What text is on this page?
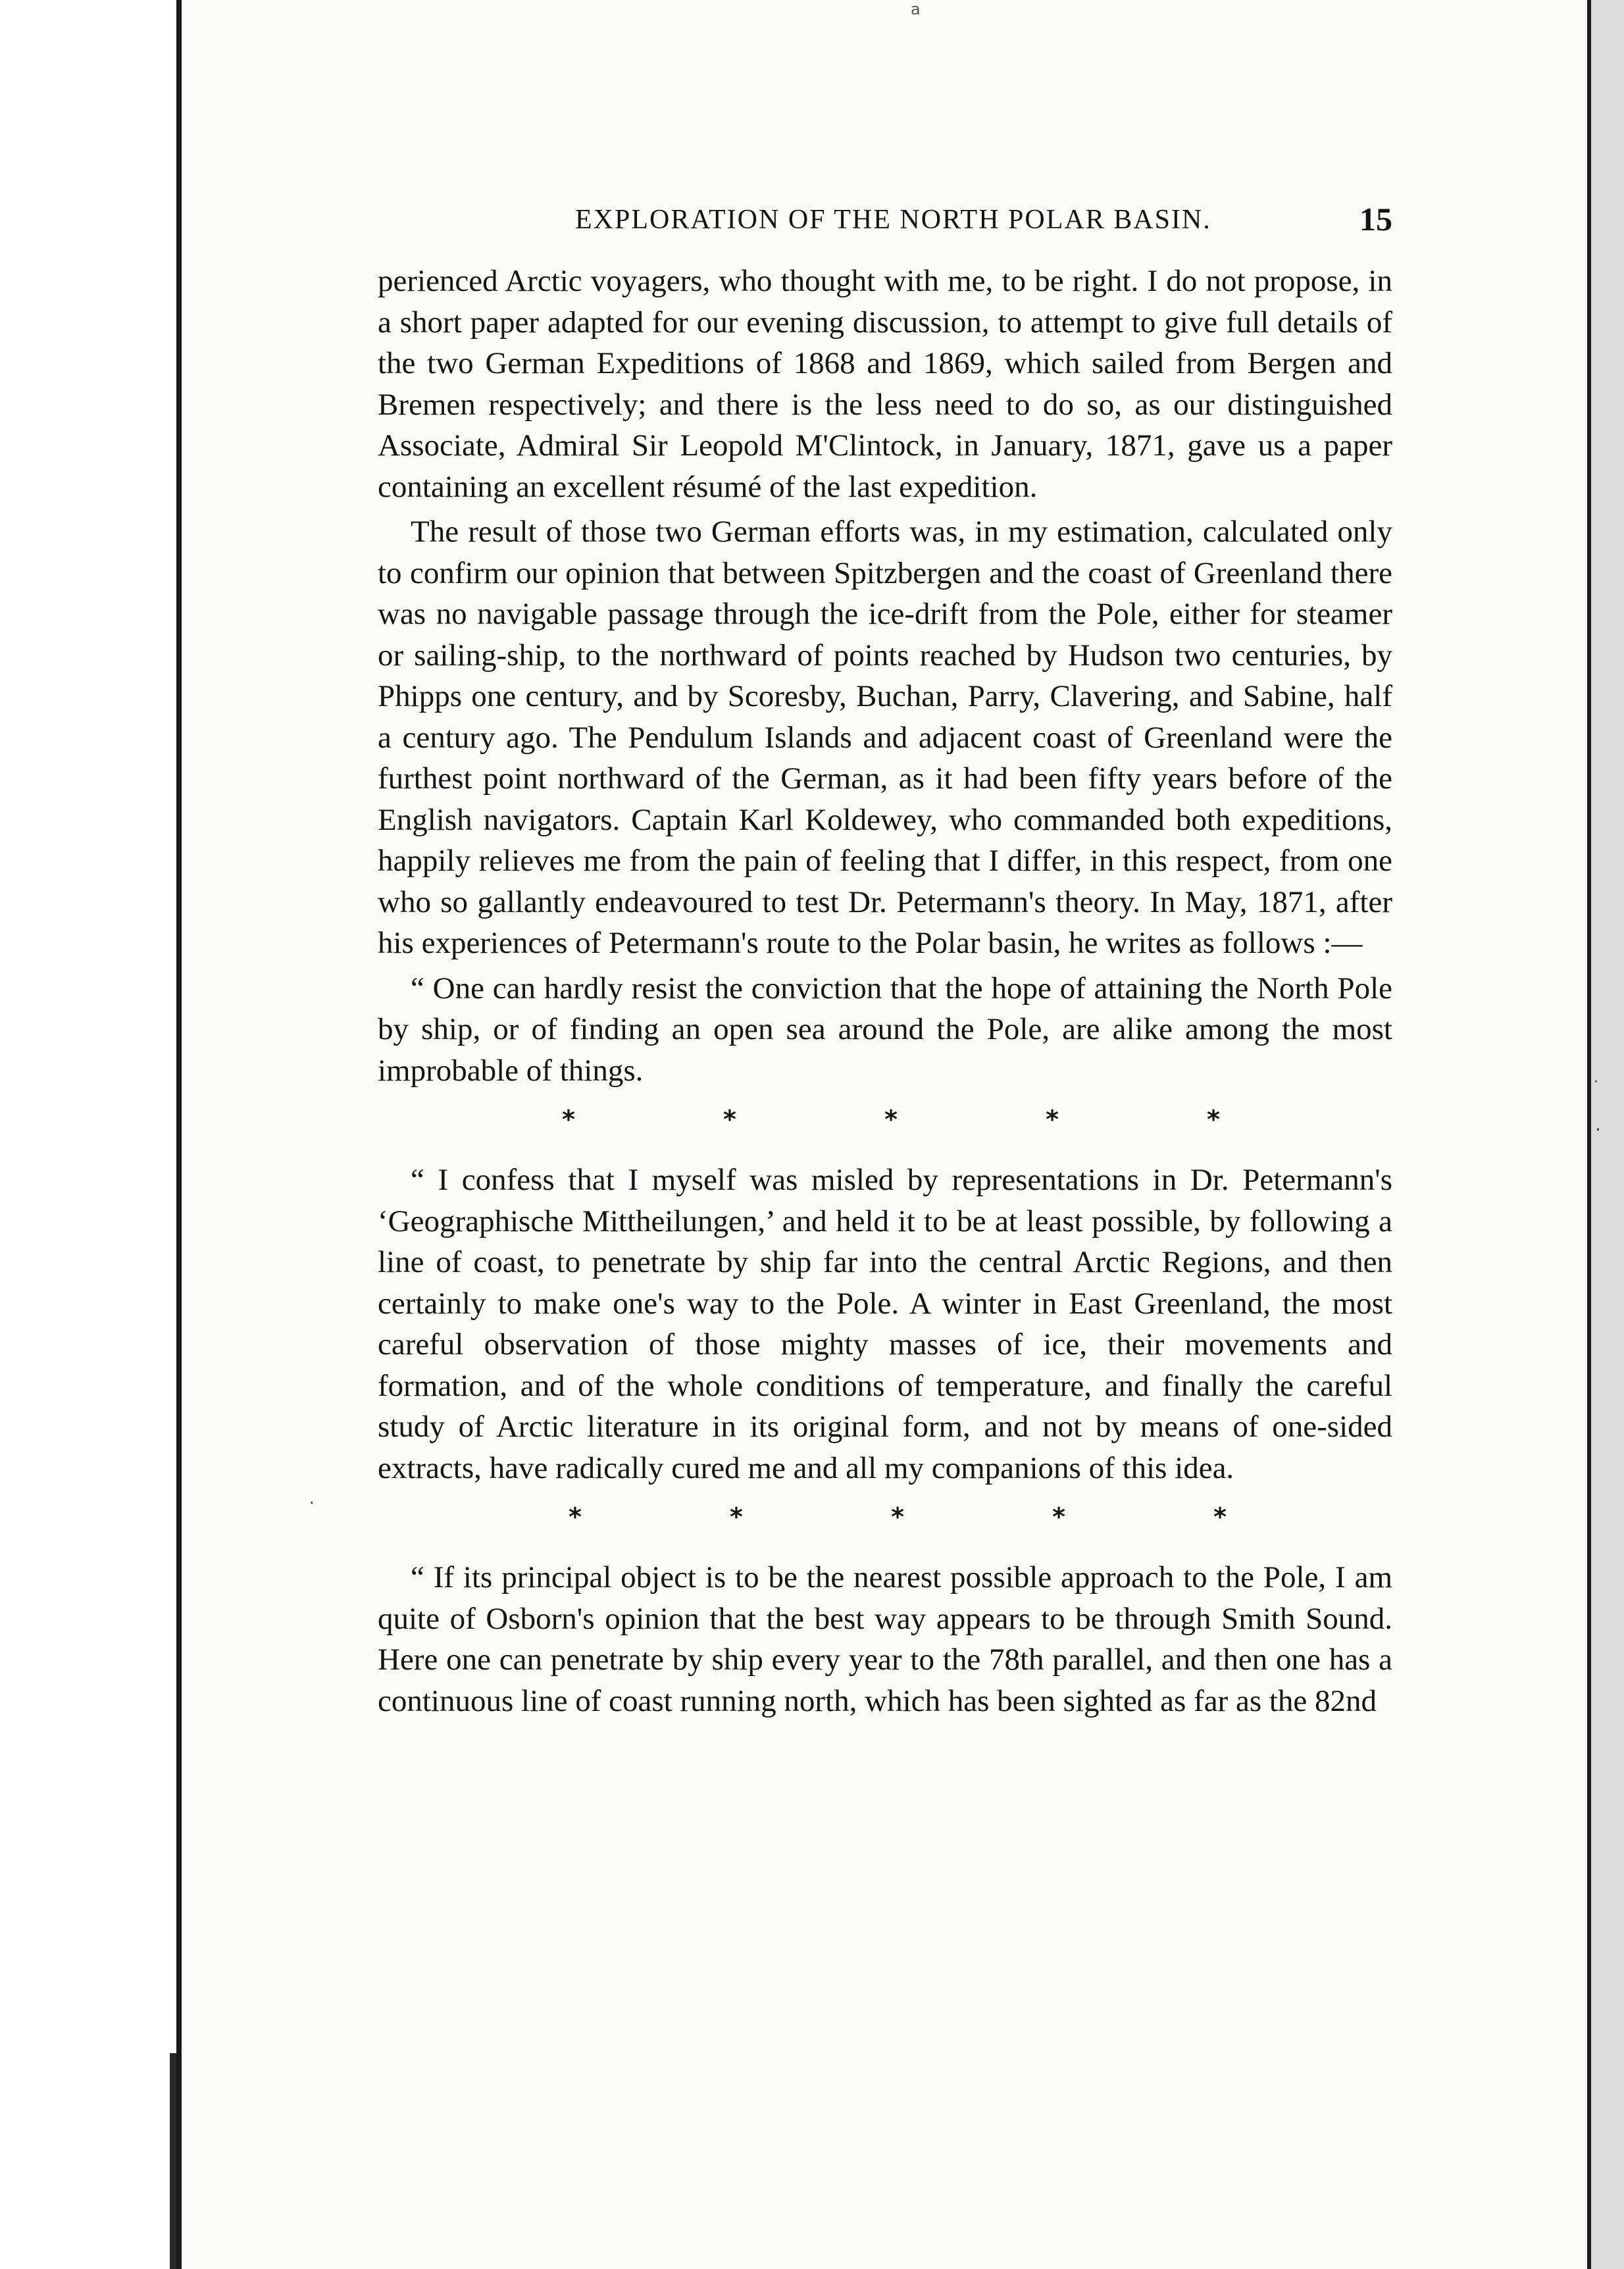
a
·
·
·
EXPLORATION OF THE NORTH POLAR BASIN.	15

perienced Arctic voyagers, who thought with me, to be right. I do not propose, in a short paper adapted for our evening discussion, to attempt to give full details of the two German Expeditions of 1868 and 1869, which sailed from Bergen and Bremen respectively; and there is the less need to do so, as our distinguished Associate, Admiral Sir Leopold M'Clintock, in January, 1871, gave us a paper containing an excellent résumé of the last expedition.

The result of those two German efforts was, in my estimation, calculated only to confirm our opinion that between Spitzbergen and the coast of Greenland there was no navigable passage through the ice-drift from the Pole, either for steamer or sailing-ship, to the northward of points reached by Hudson two centuries, by Phipps one century, and by Scoresby, Buchan, Parry, Clavering, and Sabine, half a century ago. The Pendulum Islands and adjacent coast of Greenland were the furthest point northward of the German, as it had been fifty years before of the English navigators. Captain Karl Koldewey, who commanded both expeditions, happily relieves me from the pain of feeling that I differ, in this respect, from one who so gallantly endeavoured to test Dr. Petermann's theory. In May, 1871, after his experiences of Petermann's route to the Polar basin, he writes as follows :—

“ One can hardly resist the conviction that the hope of attaining the North Pole by ship, or of finding an open sea around the Pole, are alike among the most improbable of things.

*	*	*	*	*

“ I confess that I myself was misled by representations in Dr. Petermann's ‘Geographische Mittheilungen,’ and held it to be at least possible, by following a line of coast, to penetrate by ship far into the central Arctic Regions, and then certainly to make one's way to the Pole. A winter in East Greenland, the most careful observation of those mighty masses of ice, their movements and formation, and of the whole conditions of temperature, and finally the careful study of Arctic literature in its original form, and not by means of one-sided extracts, have radically cured me and all my companions of this idea.

*	*	*	*	*

“ If its principal object is to be the nearest possible approach to the Pole, I am quite of Osborn's opinion that the best way appears to be through Smith Sound. Here one can penetrate by ship every year to the 78th parallel, and then one has a continuous line of coast running north, which has been sighted as far as the 82nd
